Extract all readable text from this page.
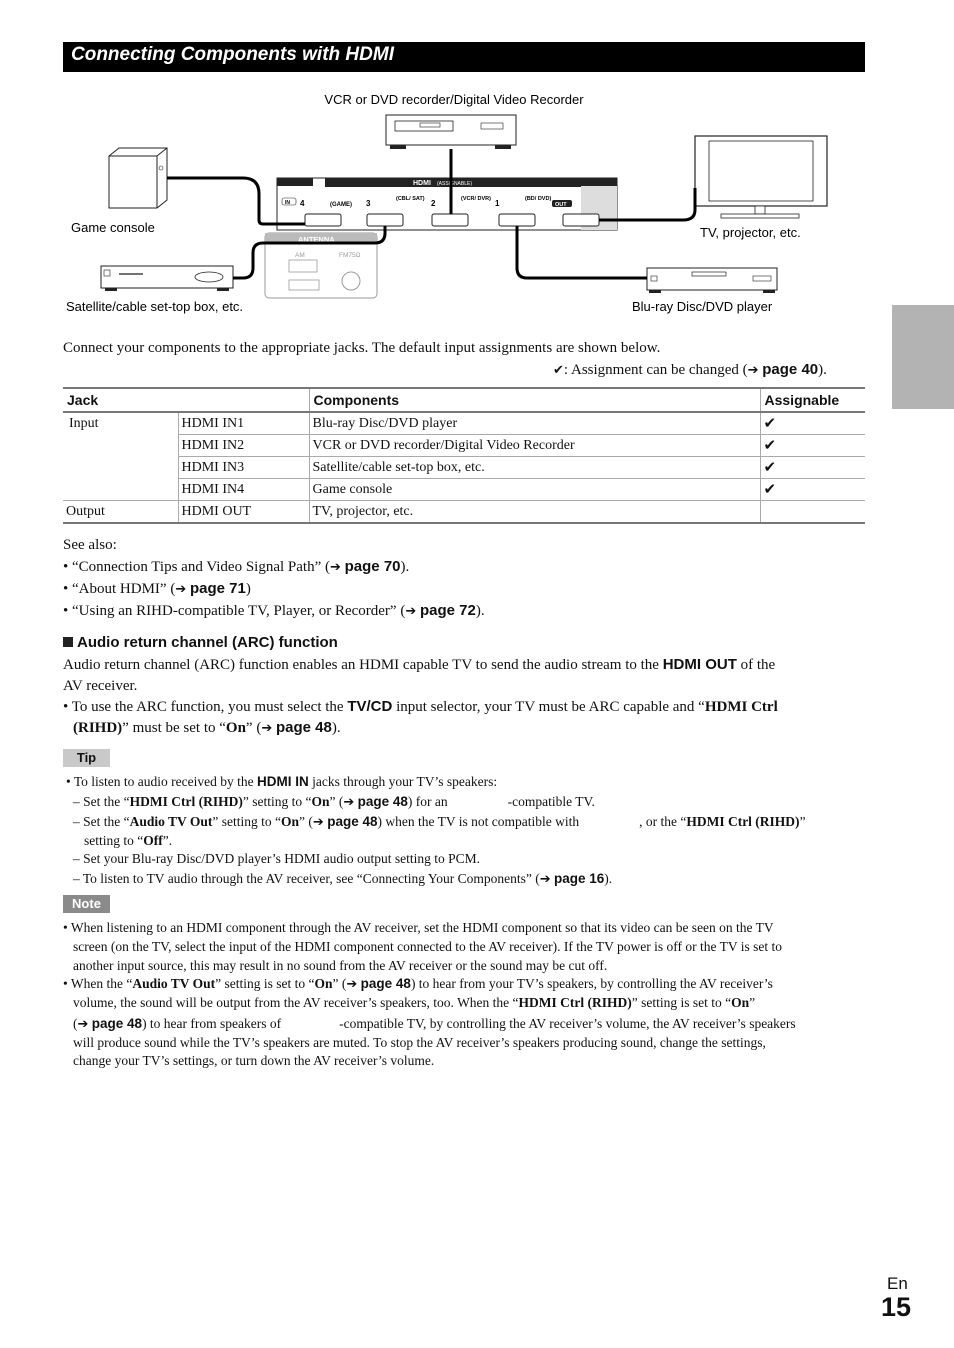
Connecting Components with HDMI
VCR or DVD recorder/Digital Video Recorder
Game console	TV, projector, etc.
Satellite/cable set-top box, etc.	Blu-ray Disc/DVD player
HDMI (ASSIGNABLE)
IN 4	(GAME) 3	(CBL/ SAT) 2	(VCR/ DVR) 1	(BD/ DVD)
OUT
ANTENNA
AM	FM75Ω
Connect your components to the appropriate jacks. The default input assignments are shown below.
✔: Assignment can be changed (➔ page 40).
Jack		Components	Assignable
Input	HDMI IN1	Blu-ray Disc/DVD player	✔
	HDMI IN2	VCR or DVD recorder/Digital Video Recorder	✔
	HDMI IN3	Satellite/cable set-top box, etc.	✔
	HDMI IN4	Game console	✔
Output	HDMI OUT	TV, projector, etc.	
See also:
• “Connection Tips and Video Signal Path” (➔ page 70).
• “About HDMI” (➔ page 71)
• “Using an RIHD-compatible TV, Player, or Recorder” (➔ page 72).
Audio return channel (ARC) function
Audio return channel (ARC) function enables an HDMI capable TV to send the audio stream to the HDMI OUT of the
AV receiver.
• To use the ARC function, you must select the TV/CD input selector, your TV must be ARC capable and “HDMI Ctrl
(RIHD)” must be set to “On” (➔ page 48).
Tip
• To listen to audio received by the HDMI IN jacks through your TV’s speakers:
– Set the “HDMI Ctrl (RIHD)” setting to “On” (➔ page 48) for an	-compatible TV.
– Set the “Audio TV Out” setting to “On” (➔ page 48) when the TV is not compatible with	, or the “HDMI Ctrl (RIHD)”
setting to “Off”.
– Set your Blu-ray Disc/DVD player’s HDMI audio output setting to PCM.
– To listen to TV audio through the AV receiver, see “Connecting Your Components” (➔ page 16).
Note
• When listening to an HDMI component through the AV receiver, set the HDMI component so that its video can be seen on the TV
screen (on the TV, select the input of the HDMI component connected to the AV receiver). If the TV power is off or the TV is set to
another input source, this may result in no sound from the AV receiver or the sound may be cut off.
• When the “Audio TV Out” setting is set to “On” (➔ page 48) to hear from your TV’s speakers, by controlling the AV receiver’s
volume, the sound will be output from the AV receiver’s speakers, too. When the “HDMI Ctrl (RIHD)” setting is set to “On”
(➔ page 48) to hear from speakers of	-compatible TV, by controlling the AV receiver’s volume, the AV receiver’s speakers
will produce sound while the TV’s speakers are muted. To stop the AV receiver’s speakers producing sound, change the settings,
change your TV’s settings, or turn down the AV receiver’s volume.
En
15
